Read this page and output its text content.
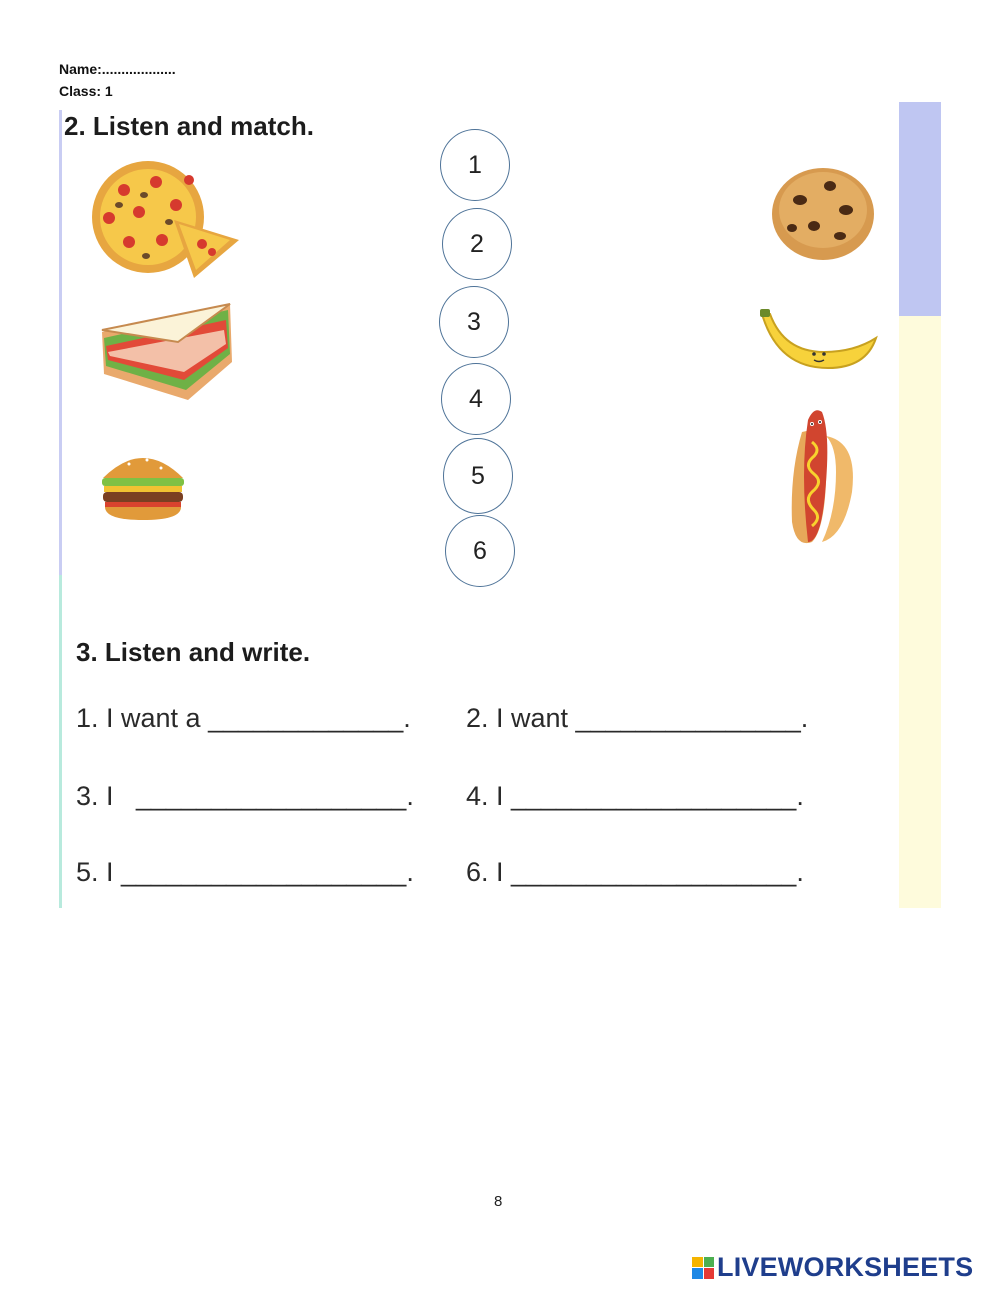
Name:...................
Class: 1
2. Listen and match.
1
2
3
4
5
6
3. Listen and write.
1. I want a _____________. 2. I want _______________.
3. I   __________________. 4. I ___________________.
5. I ___________________. 6. I ___________________.
8
LIVEWORKSHEETS
